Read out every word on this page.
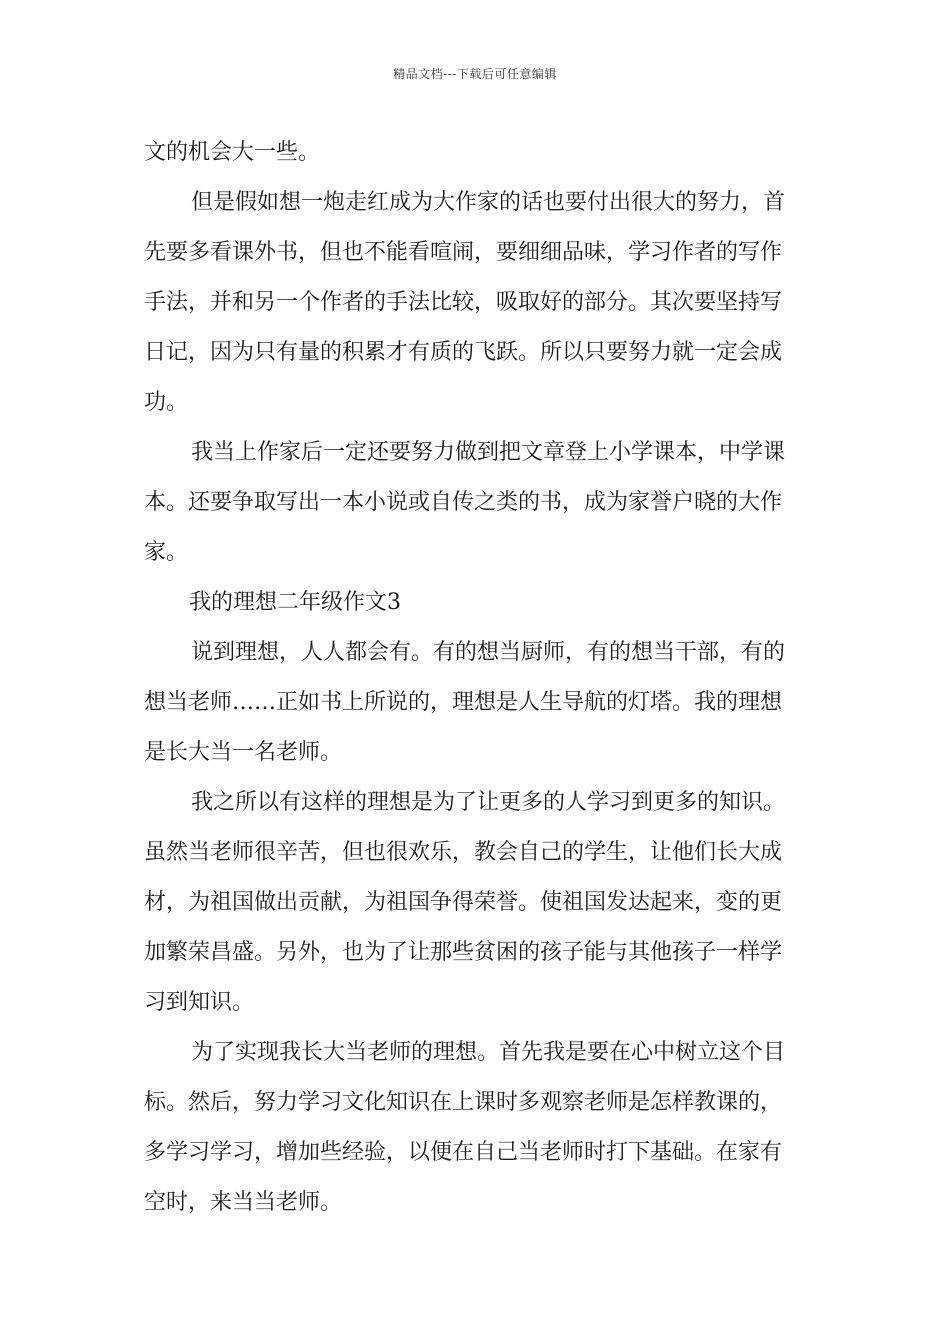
精品文档---下载后可任意编辑
文的机会大一些。
但是假如想一炮走红成为大作家的话也要付出很大的努力，首
先要多看课外书，但也不能看喧闹，要细细品味，学习作者的写作
手法，并和另一个作者的手法比较，吸取好的部分。其次要坚持写
日记，因为只有量的积累才有质的飞跃。所以只要努力就一定会成
功。
我当上作家后一定还要努力做到把文章登上小学课本，中学课
本。还要争取写出一本小说或自传之类的书，成为家誉户晓的大作
家。
我的理想二年级作文3
说到理想，人人都会有。有的想当厨师，有的想当干部，有的
想当老师……正如书上所说的，理想是人生导航的灯塔。我的理想
是长大当一名老师。
我之所以有这样的理想是为了让更多的人学习到更多的知识。
虽然当老师很辛苦，但也很欢乐，教会自己的学生，让他们长大成
材，为祖国做出贡献，为祖国争得荣誉。使祖国发达起来，变的更
加繁荣昌盛。另外，也为了让那些贫困的孩子能与其他孩子一样学
习到知识。
为了实现我长大当老师的理想。首先我是要在心中树立这个目
标。然后，努力学习文化知识在上课时多观察老师是怎样教课的，
多学习学习，增加些经验，以便在自己当老师时打下基础。在家有
空时，来当当老师。
